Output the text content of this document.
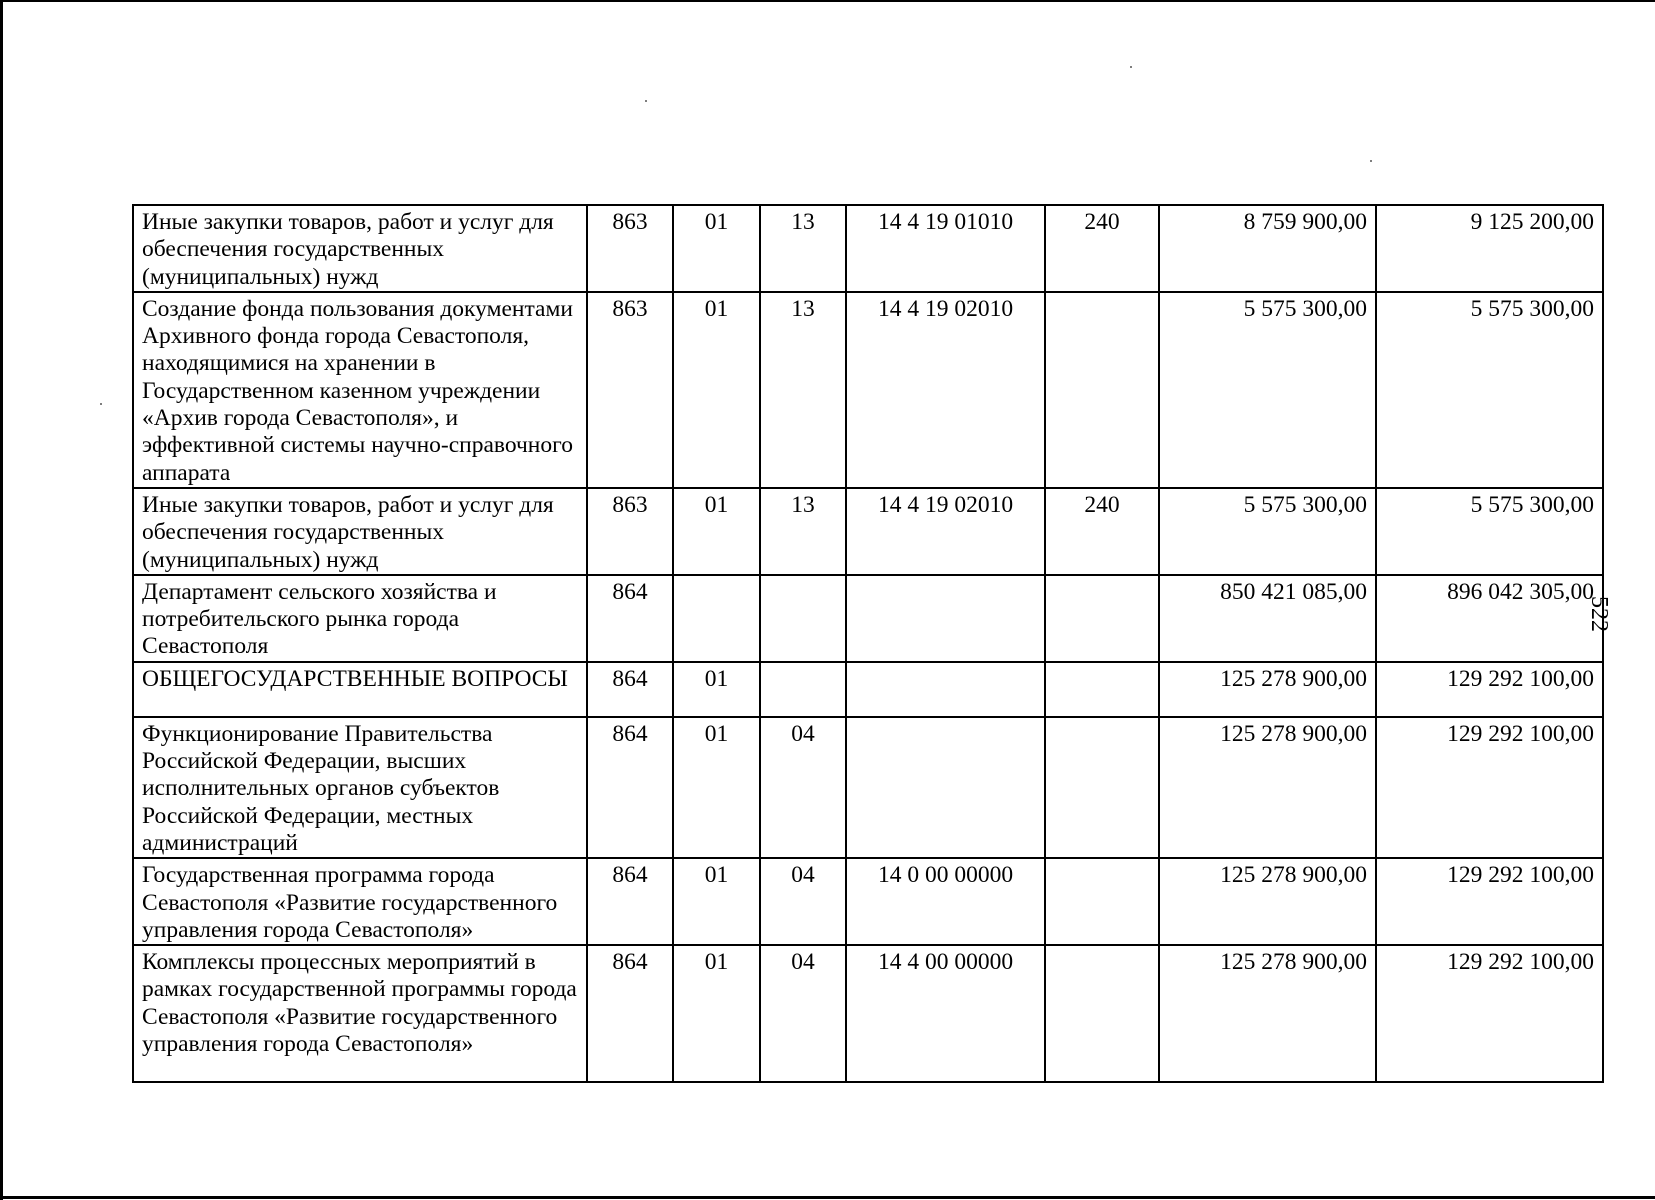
Иные закупки товаров, работ и услуг для обеспечения государственных (муниципальных) нужд	863	01	13	14 4 19 01010	240	8 759 900,00	9 125 200,00
Создание фонда пользования документами Архивного фонда города Севастополя, находящимися на хранении в Государственном казенном учреждении «Архив города Севастополя», и эффективной системы научно-справочного аппарата	863	01	13	14 4 19 02010		5 575 300,00	5 575 300,00
Иные закупки товаров, работ и услуг для обеспечения государственных (муниципальных) нужд	863	01	13	14 4 19 02010	240	5 575 300,00	5 575 300,00
Департамент сельского хозяйства и потребительского рынка города Севастополя	864					850 421 085,00	896 042 305,00
ОБЩЕГОСУДАРСТВЕННЫЕ ВОПРОСЫ	864	01				125 278 900,00	129 292 100,00
Функционирование Правительства Российской Федерации, высших исполнительных органов субъектов Российской Федерации, местных администраций	864	01	04			125 278 900,00	129 292 100,00
Государственная программа города Севастополя «Развитие государственного управления города Севастополя»	864	01	04	14 0 00 00000		125 278 900,00	129 292 100,00
Комплексы процессных мероприятий в рамках государственной программы города Севастополя «Развитие государственного управления города Севастополя»	864	01	04	14 4 00 00000		125 278 900,00	129 292 100,00
522
